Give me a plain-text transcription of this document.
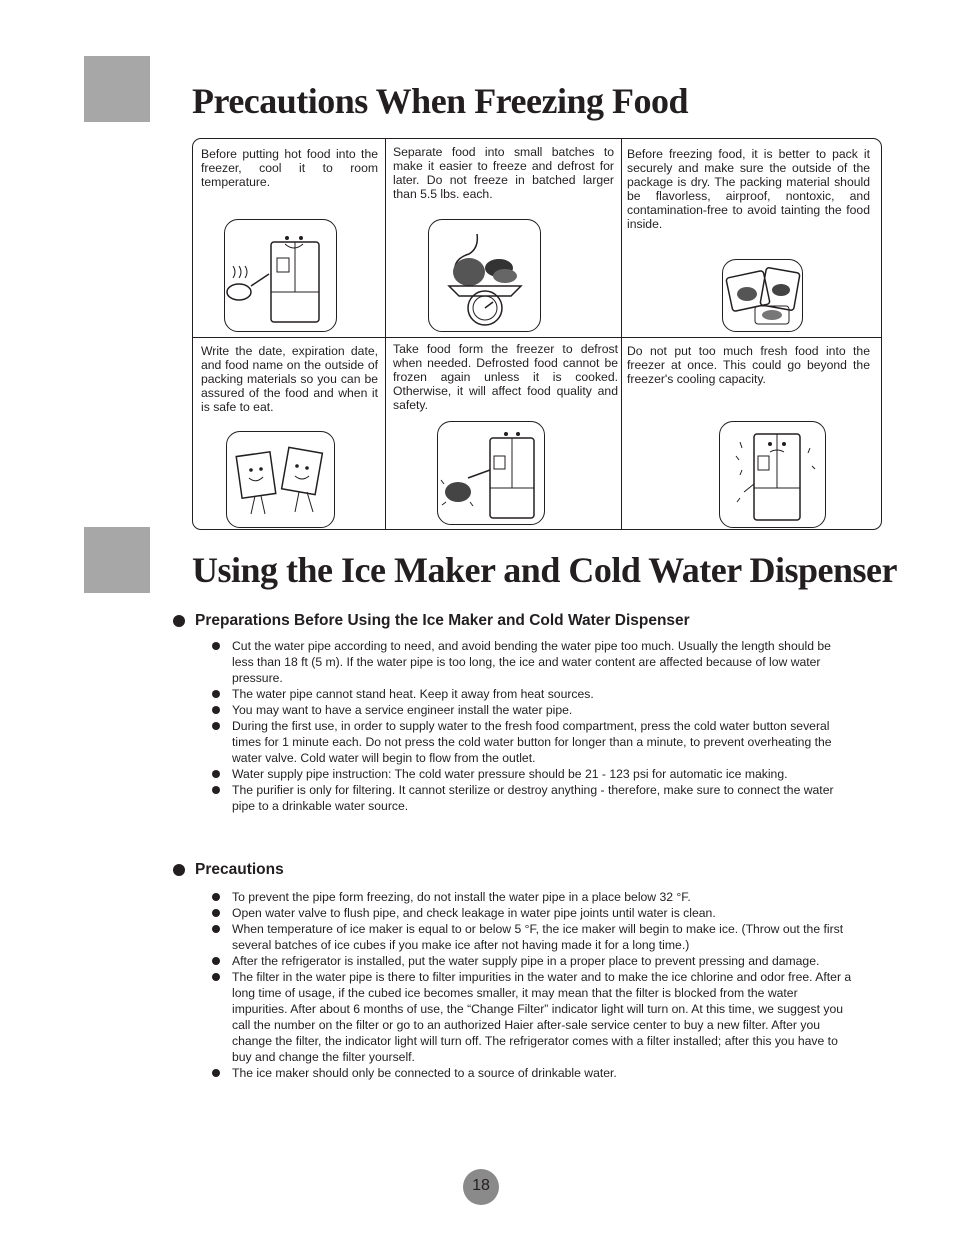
Precautions When Freezing Food
Before putting hot food into the freezer, cool it to room temperature.
Separate food into small batches to make it easier to freeze and defrost for later. Do not freeze in batched larger than 5.5 lbs. each.
Before freezing food, it is better to pack it securely and make sure the outside of the package is dry. The packing material should be flavorless, airproof, nontoxic, and contamination-free to avoid tainting the food inside.
Write the date, expiration date, and food name on the outside of packing materials so you can be assured of the food and when it is safe to eat.
Take food form the freezer to defrost when needed. Defrosted food cannot be frozen again unless it is cooked. Otherwise, it will affect food quality and safety.
Do not put too much fresh food into the freezer at once. This could go beyond the freezer's cooling capacity.
Using the Ice Maker and Cold Water Dispenser
Preparations Before Using the Ice Maker and Cold Water Dispenser
Cut the water pipe according to need, and avoid bending the water pipe too much. Usually the length should be less than 18 ft (5 m). If the water pipe is too long, the ice and water content are affected because of low water pressure.
The water pipe cannot stand heat. Keep it away from heat sources.
You may want to have a service engineer install the water pipe.
During the first use, in order to supply water to the fresh food compartment, press the cold water button several times for 1 minute each. Do not press the cold water button for longer than a minute, to prevent overheating the water valve. Cold water will begin to flow from the outlet.
Water supply pipe instruction: The cold water pressure should be 21 - 123 psi for automatic ice making.
The purifier is only for filtering. It cannot sterilize or destroy anything - therefore, make sure to connect the water pipe to a drinkable water source.
Precautions
To prevent the pipe form freezing, do not install the water pipe in a place below 32 °F.
Open water valve to flush pipe, and check leakage in water pipe joints until water is clean.
When temperature of ice maker is equal to or below 5 °F, the ice maker will begin to make ice. (Throw out the first several batches of ice cubes if you make ice after not having made it for a long time.)
After the refrigerator is installed, put the water supply pipe in a proper place to prevent pressing and damage.
The filter in the water pipe is there to filter impurities in the water and to make the ice chlorine and odor free. After a long time of usage, if the cubed ice becomes smaller, it may mean that the filter is blocked from the water impurities. After about 6 months of use, the “Change Filter” indicator light will turn on. At this time, we suggest you call the number on the filter or go to an authorized Haier after-sale service center to buy a new filter. After you change the filter, the indicator light will turn off. The refrigerator comes with a filter installed; after this you have to buy and change the filter yourself.
The ice maker should only be connected to a source of drinkable water.
18
